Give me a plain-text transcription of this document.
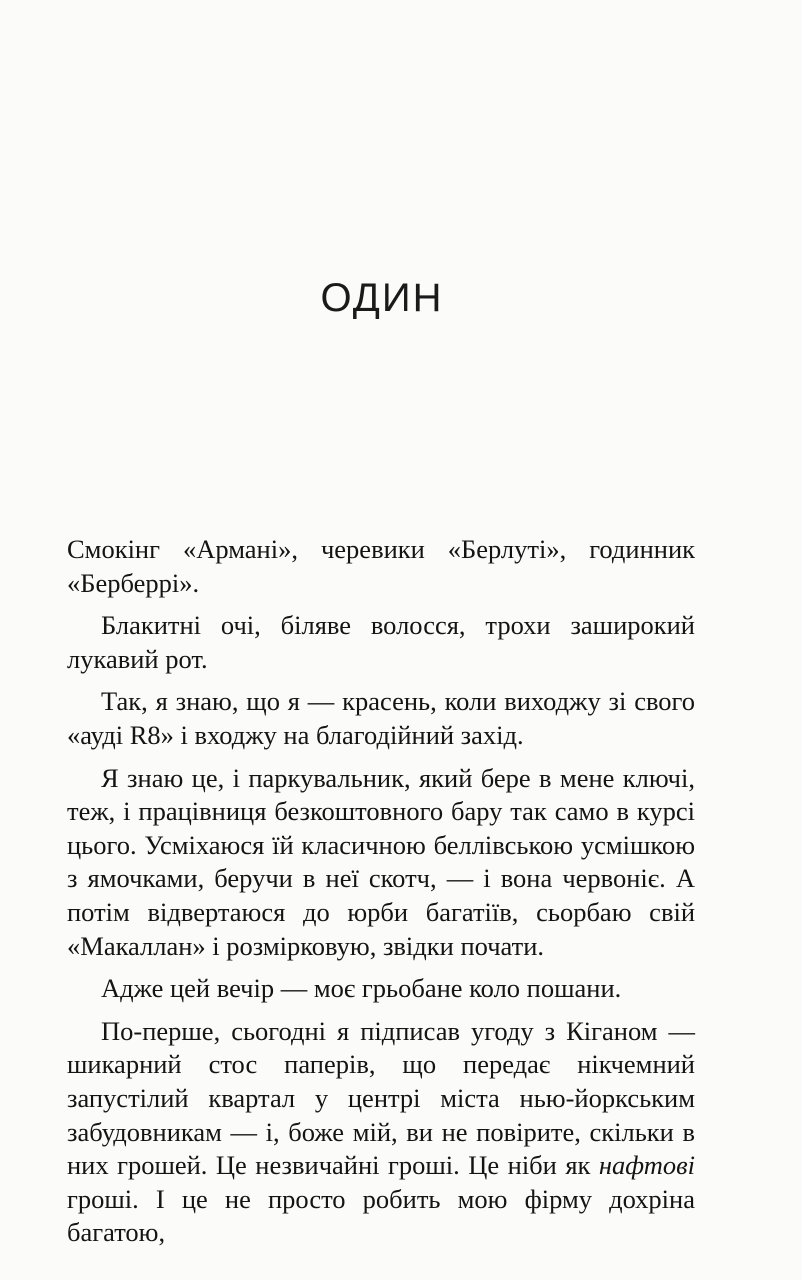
ОДИН

Смокінг «Армані», черевики «Берлуті», годинник «Берберрі».

Блакитні очі, біляве волосся, трохи заширокий лукавий рот.

Так, я знаю, що я — красень, коли виходжу зі свого «ауді R8» і входжу на благодійний захід.

Я знаю це, і паркувальник, який бере в мене ключі, теж, і працівниця безкоштовного бару так само в курсі цього. Усміхаюся їй класичною беллівською усмішкою з ямочками, беручи в неї скотч, — і вона червоніє. А потім відвертаюся до юрби багатіїв, сьорбаю свій «Макаллан» і розмірковую, звідки почати.

Адже цей вечір — моє грьобане коло пошани.

По-перше, сьогодні я підписав угоду з Кіганом — шикарний стос паперів, що передає нікчемний запустілий квартал у центрі міста нью-йоркським забудовникам — і, боже мій, ви не повірите, скільки в них грошей. Це незвичайні гроші. Це ніби як нафтові гроші. І це не просто робить мою фірму дохріна багатою,
